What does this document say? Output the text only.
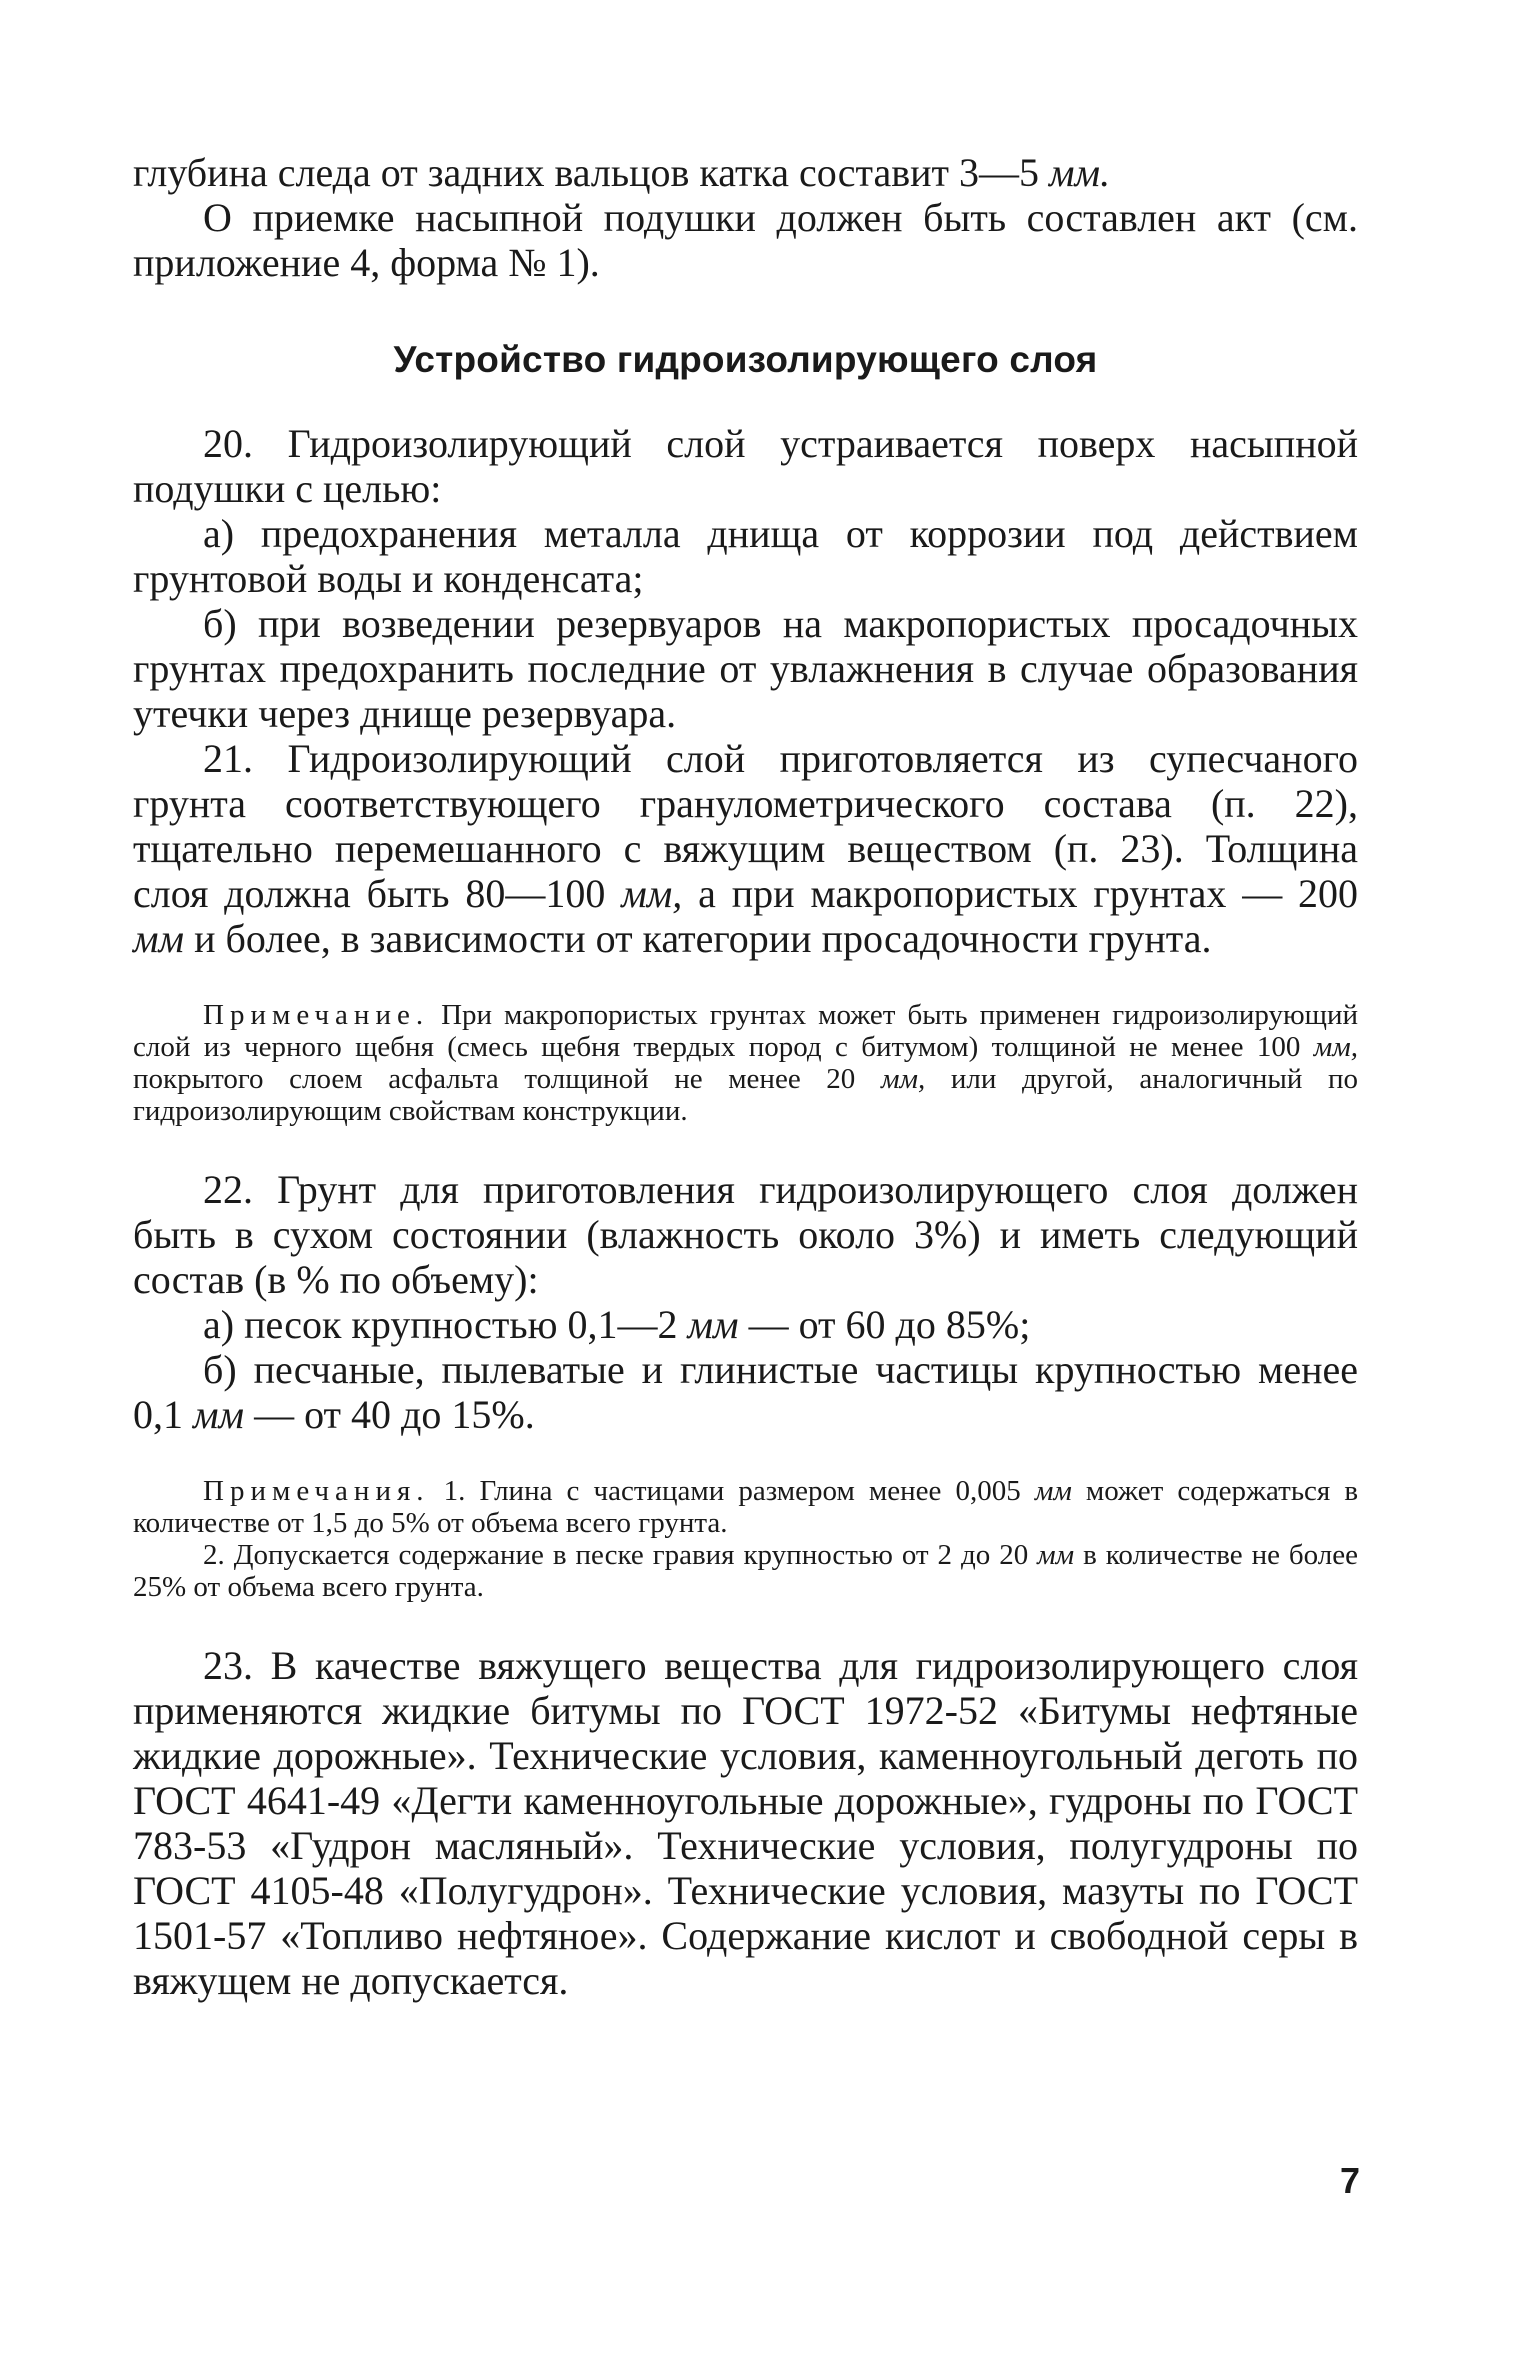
глубина следа от задних вальцов катка составит 3—5 мм.

О приемке насыпной подушки должен быть составлен акт (см. приложение 4, форма № 1).

Устройство гидроизолирующего слоя

20. Гидроизолирующий слой устраивается поверх насыпной подушки с целью:

а) предохранения металла днища от коррозии под действием грунтовой воды и конденсата;

б) при возведении резервуаров на макропористых просадочных грунтах предохранить последние от увлажнения в случае образования утечки через днище резервуара.

21. Гидроизолирующий слой приготовляется из супесчаного грунта соответствующего гранулометрического состава (п. 22), тщательно перемешанного с вяжущим веществом (п. 23). Толщина слоя должна быть 80—100 мм, а при макропористых грунтах — 200 мм и более, в зависимости от категории просадочности грунта.

Примечание. При макропористых грунтах может быть применен гидроизолирующий слой из черного щебня (смесь щебня твердых пород с битумом) толщиной не менее 100 мм, покрытого слоем асфальта толщиной не менее 20 мм, или другой, аналогичный по гидроизолирующим свойствам конструкции.

22. Грунт для приготовления гидроизолирующего слоя должен быть в сухом состоянии (влажность около 3%) и иметь следующий состав (в % по объему):

а) песок крупностью 0,1—2 мм — от 60 до 85%;

б) песчаные, пылеватые и глинистые частицы крупностью менее 0,1 мм — от 40 до 15%.

Примечания. 1. Глина с частицами размером менее 0,005 мм может содержаться в количестве от 1,5 до 5% от объема всего грунта.

2. Допускается содержание в песке гравия крупностью от 2 до 20 мм в количестве не более 25% от объема всего грунта.

23. В качестве вяжущего вещества для гидроизолирующего слоя применяются жидкие битумы по ГОСТ 1972-52 «Битумы нефтяные жидкие дорожные». Технические условия, каменноугольный деготь по ГОСТ 4641-49 «Дегти каменноугольные дорожные», гудроны по ГОСТ 783-53 «Гудрон масляный». Технические условия, полугудроны по ГОСТ 4105-48 «Полугудрон». Технические условия, мазуты по ГОСТ 1501-57 «Топливо нефтяное». Содержание кислот и свободной серы в вяжущем не допускается.

7
